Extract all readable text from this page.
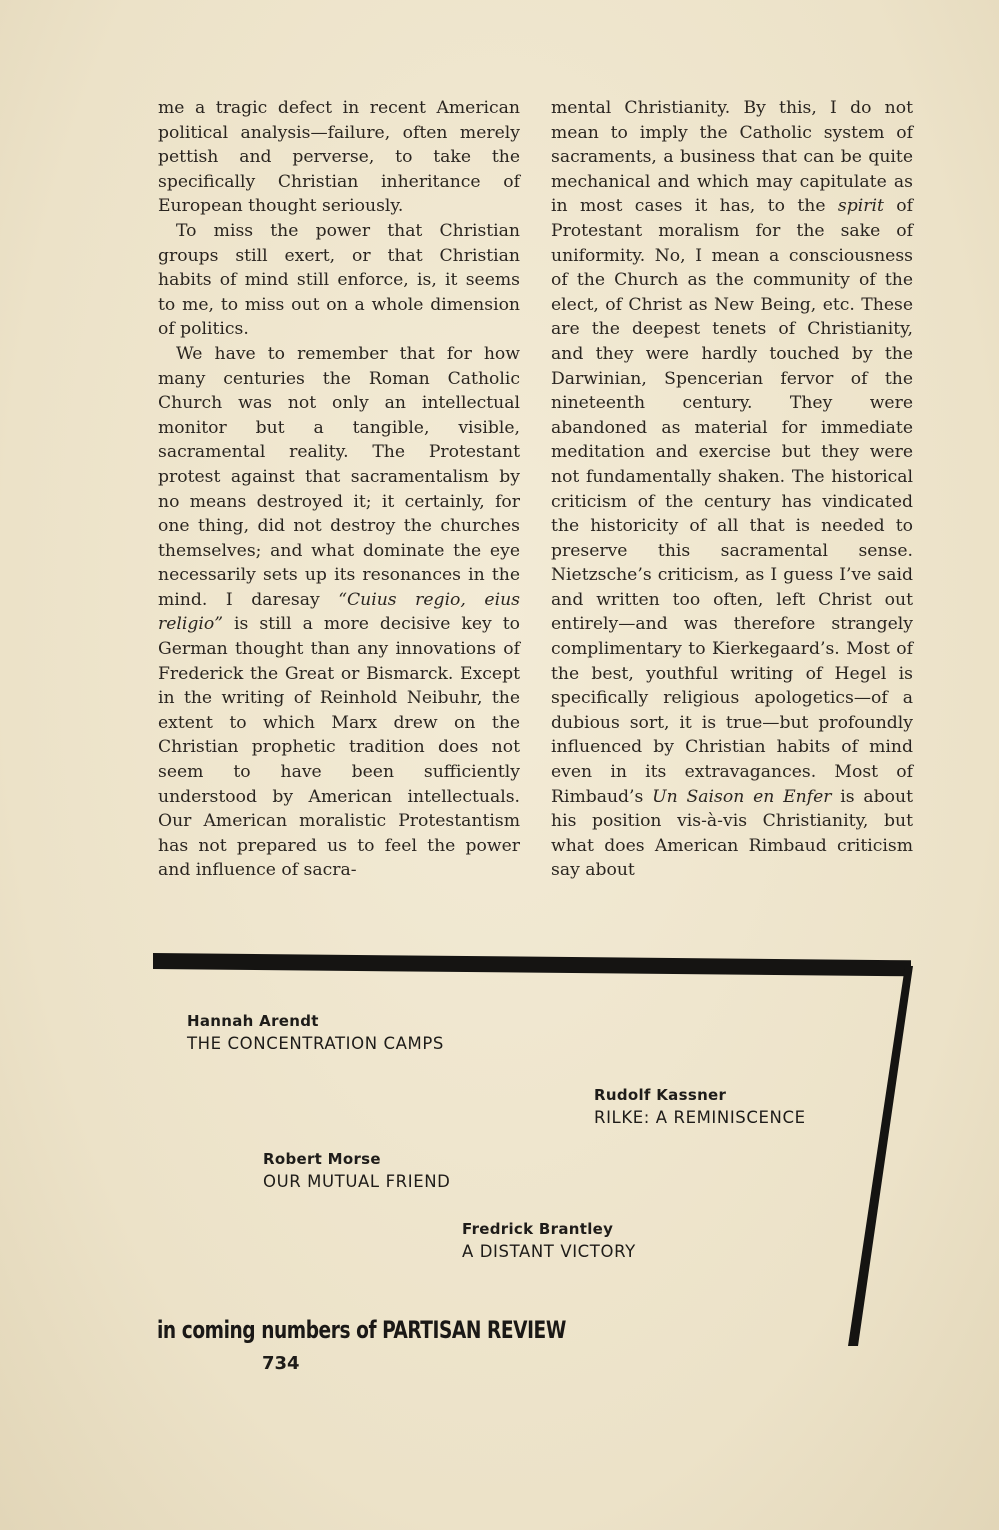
me a tragic defect in recent American political analysis—failure, often merely pettish and perverse, to take the specifically Christian inheritance of European thought seriously.

To miss the power that Christian groups still exert, or that Christian habits of mind still enforce, is, it seems to me, to miss out on a whole dimension of politics.

We have to remember that for how many centuries the Roman Catholic Church was not only an intellectual monitor but a tangible, visible, sacramental reality. The Protestant protest against that sacramentalism by no means destroyed it; it certainly, for one thing, did not destroy the churches themselves; and what dominate the eye necessarily sets up its resonances in the mind. I daresay “Cuius regio, eius religio” is still a more decisive key to German thought than any innovations of Frederick the Great or Bismarck. Except in the writing of Reinhold Neibuhr, the extent to which Marx drew on the Christian prophetic tradition does not seem to have been sufficiently understood by American intellectuals. Our American moralistic Protestantism has not prepared us to feel the power and influence of sacra-

mental Christianity. By this, I do not mean to imply the Catholic system of sacraments, a business that can be quite mechanical and which may capitulate as in most cases it has, to the spirit of Protestant moralism for the sake of uniformity. No, I mean a consciousness of the Church as the community of the elect, of Christ as New Being, etc. These are the deepest tenets of Christianity, and they were hardly touched by the Darwinian, Spencerian fervor of the nineteenth century. They were abandoned as material for immediate meditation and exercise but they were not fundamentally shaken. The historical criticism of the century has vindicated the historicity of all that is needed to preserve this sacramental sense. Nietzsche’s criticism, as I guess I’ve said and written too often, left Christ out entirely—and was therefore strangely complimentary to Kierkegaard’s. Most of the best, youthful writing of Hegel is specifically religious apologetics—of a dubious sort, it is true—but profoundly influenced by Christian habits of mind even in its extravagances. Most of Rimbaud’s Un Saison en Enfer is about his position vis-à-vis Christianity, but what does American Rimbaud criticism say about

Hannah Arendt
THE CONCENTRATION CAMPS
Rudolf Kassner
RILKE: A REMINISCENCE
Robert Morse
OUR MUTUAL FRIEND
Fredrick Brantley
A DISTANT VICTORY
in coming numbers of PARTISAN REVIEW
734
